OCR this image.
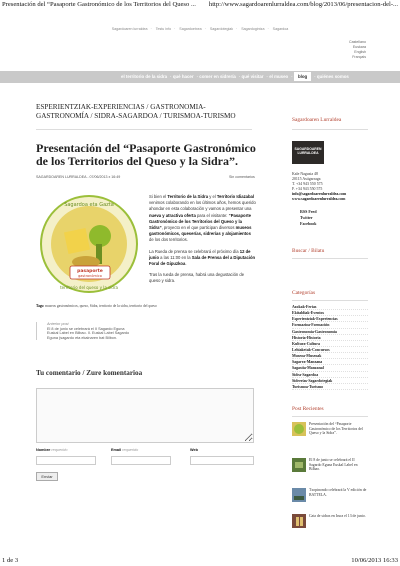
Presentación del “Pasaporte Gastronómico de los Territorios del Queso ... http://www.sagardoarenlurraldea.com/blog/2013/06/presentacion-del-...
Sagardoaren lurraldea · Testu info · Sagardoetxea · Sagardotegiak · Sagardogintza · Sagardoa
Castellano
Euskara
English
Français
el territorio de la sidra · qué hacer · comer en sidrería · qué visitar · el museo · blog · quiénes somos
ESPERIENTZIAK-EXPERIENCIAS / GASTRONOMIA-GASTRONOMÍA / SIDRA-SAGARDOA / TURISMOA-TURISMO
Presentación del “Pasaporte Gastronómico de los Territorios del Queso y la Sidra”.
SAGARDOAREN LURRALDEA - 07/06/2013 x 16:49	Sin comentarios
Sagardoa eta Gazta
pasaporte
gastronómico
territorio del queso y la sidra

Si bien el Territorio de la Sidra y el Territorio Idiazabal venimos colaborando en los últimos años, hemos querido ahondar en esta colaboración y vamos a presentar una nueva y atractiva oferta para el visitante: “Pasaporte Gastronómico de los Territorios del Queso y la Sidra”, proyecto en el que participan diversos museos gastronómicos, queserías, sidrerías y alojamientos de los dos territorios.

La Rueda de prensa se celebrará el próximo día 12 de junio a las 11:00 en la Sala de Prensa del a Diputación Foral de Gipuzkoa.

Tras la rueda de prensa, habrá una degustación de queso y sidra.

Tags: museos gastronómicos, queso, Sidra, territorio de la sidra, territorio del queso
Anterior post
El 8 de junio se celebrará el II Sagardo Eguna Euskal Label en Bilbao. II. Euskal Label Sagardo Eguna (sagardo eta ekainaren bat Bilbon.
Tu comentario / Zure komentarioa
Nombre requerido	Email requerido	Web
Enviar
Sagardoaren Lurraldea
SAGARDOAREN LURRALDEA
Kale Nagusia 48
20115 Astigarraga
T. +34 943 550 575
F. +34 943 550 575
info@sagardoarenlurraldea.com
www.sagardoarenlurraldea.com
RSS Feed
Twitter
Facebook
Buscar / Bilatu
Categorías
Azokak-Ferias
Ekitaldiak-Eventos
Esperientziak-Experiencias
Formazioa-Formación
Gastronomia-Gastronomía
Historia-Historia
Kultura-Cultura
Lehiaketak-Concursos
Museoa-Museoak
Sagarra-Manzana
Sagastia-Manzanal
Sidra-Sagardoa
Sidrerías-Sagardotegiak
Turismoa-Turismo
Post Recientes
Presentación del “Pasaporte Gastronómico de los Territorios del Queso y la Sidra”.
El 8 de junio se celebrará el II Sagardo Eguna Euskal Label en Bilbao.
Txopinondo celebrará la V edición de BATTELA.
Cata de sidras en Irura el 13 de junio.
1 de 3	10/06/2013 16:33
